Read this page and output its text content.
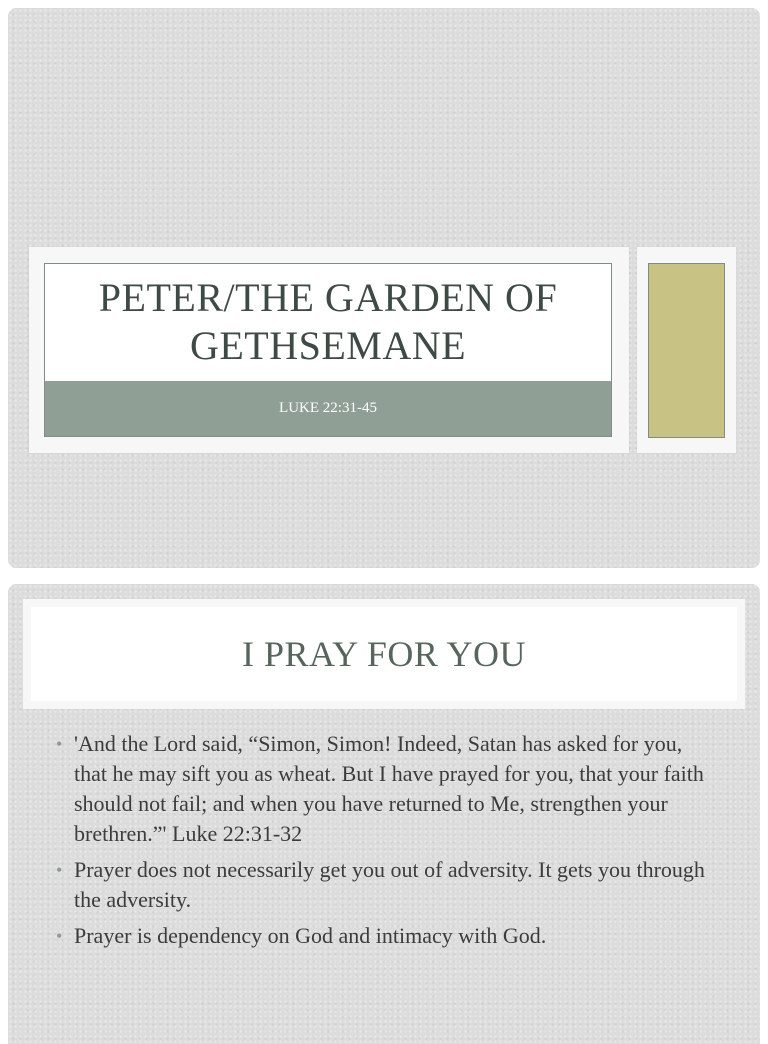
PETER/THE GARDEN OF
GETHSEMANE
LUKE 22:31-45
I PRAY FOR YOU
• 'And the Lord said, “Simon, Simon! Indeed, Satan has asked for you, that he may sift you as wheat. But I have prayed for you, that your faith should not fail; and when you have returned to Me, strengthen your brethren.”' Luke 22:31-32
• Prayer does not necessarily get you out of adversity. It gets you through the adversity.
• Prayer is dependency on God and intimacy with God.
